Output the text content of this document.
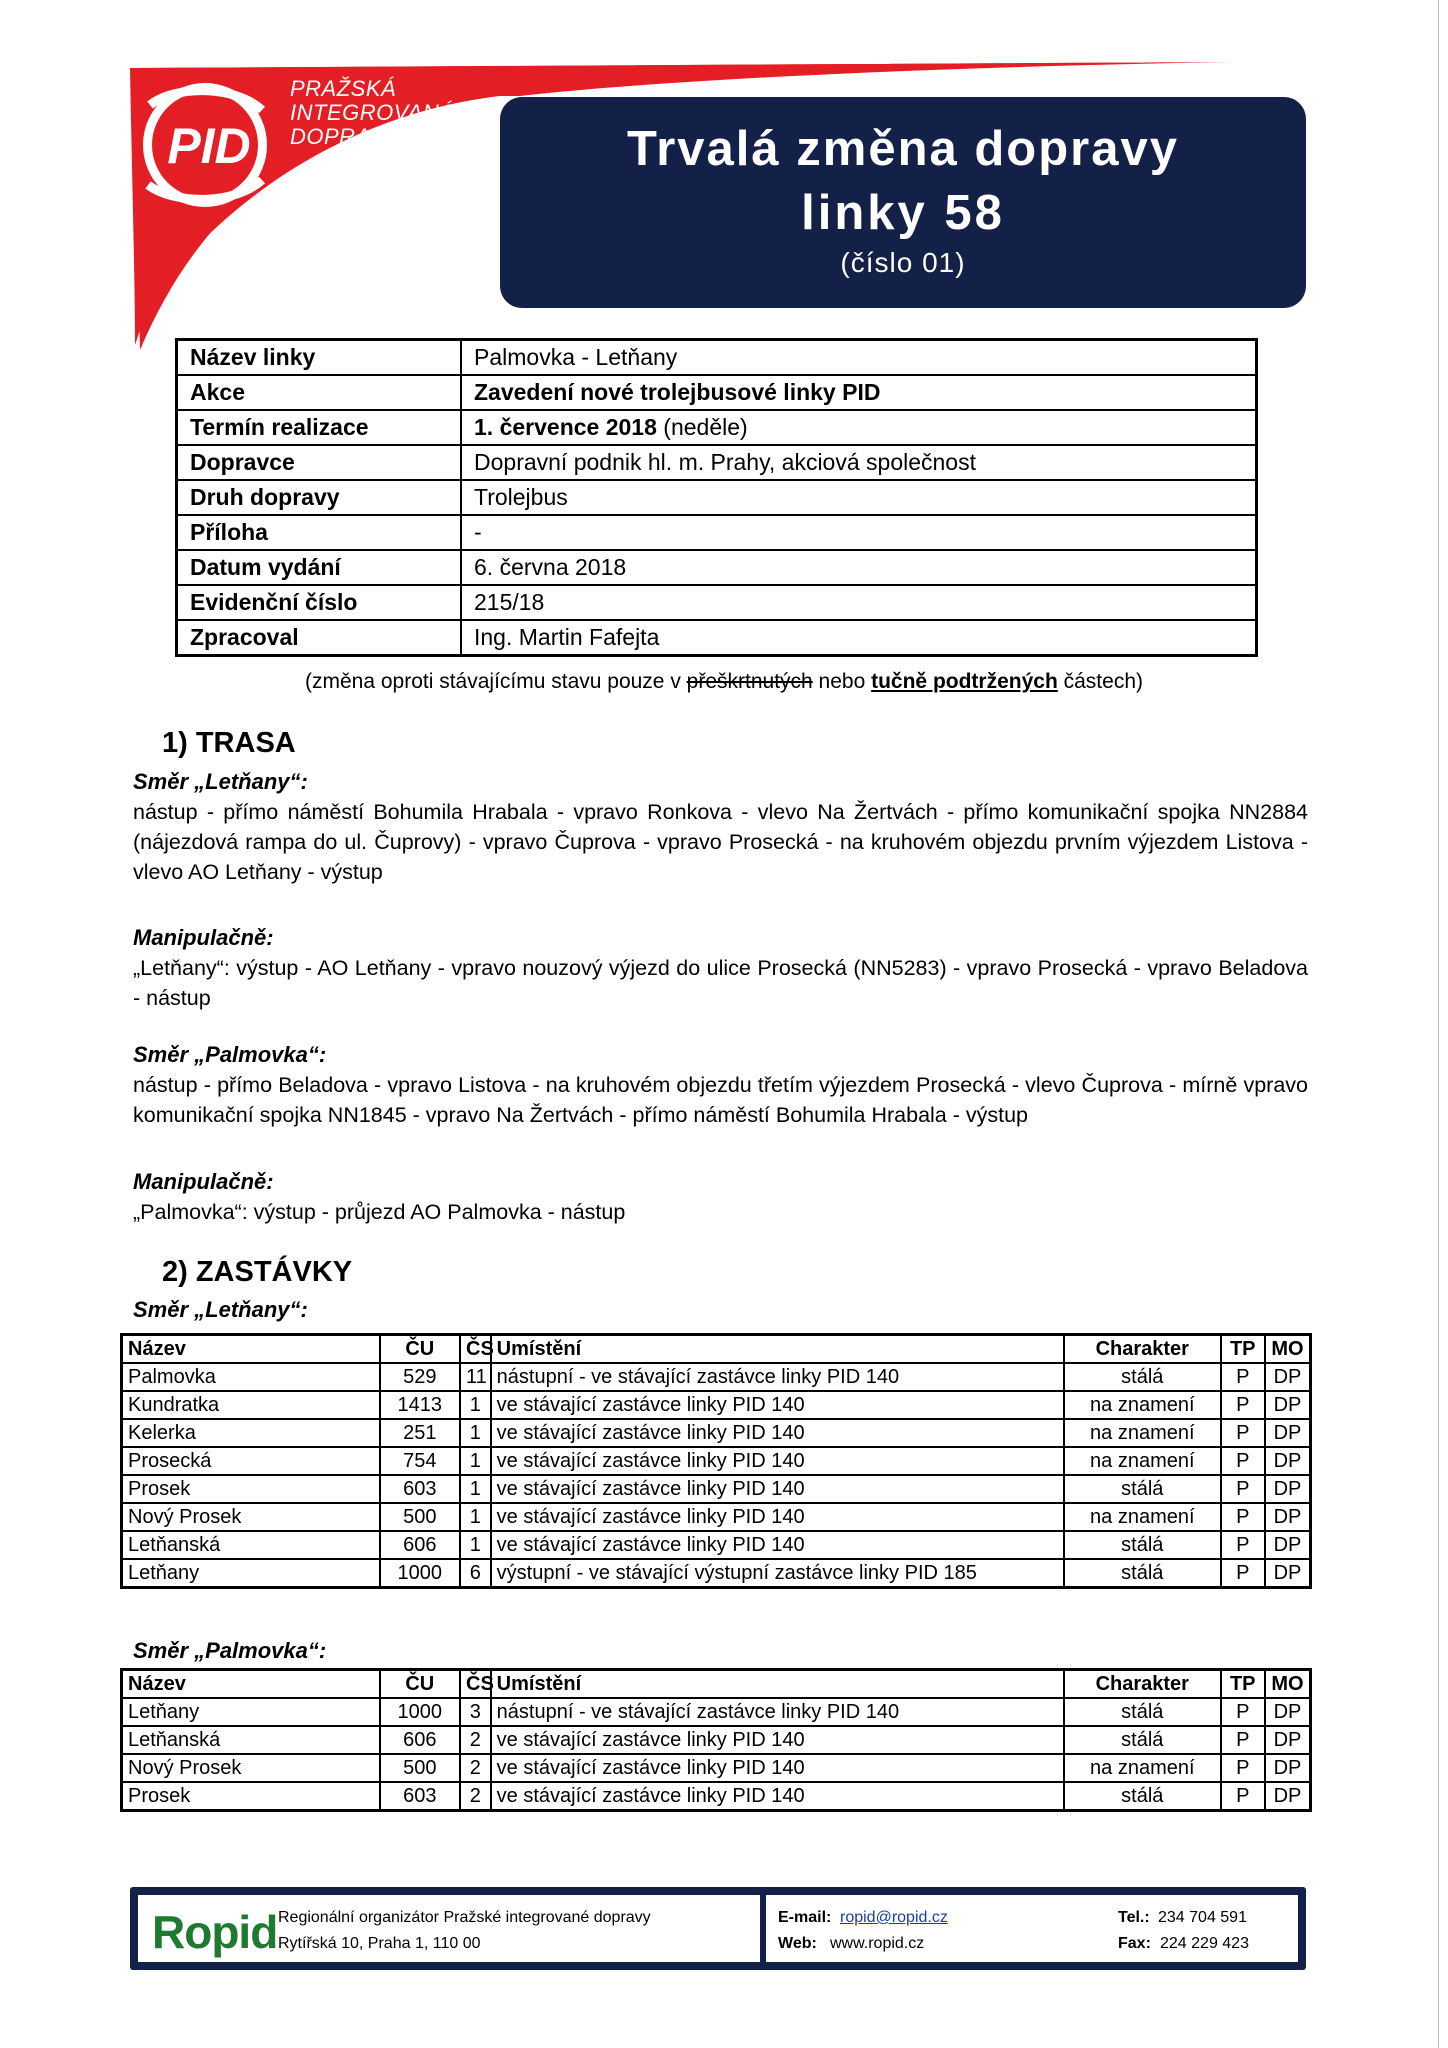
PID
PRAŽSKÁ
INTEGROVANÁ
DOPRAVA	Trvalá změna dopravy
linky 58
(číslo 01)
Název linky	Palmovka - Letňany
Akce	Zavedení nové trolejbusové linky PID
Termín realizace	1. července 2018 (neděle)
Dopravce	Dopravní podnik hl. m. Prahy, akciová společnost
Druh dopravy	Trolejbus
Příloha	-
Datum vydání	6. června 2018
Evidenční číslo	215/18
Zpracoval	Ing. Martin Fafejta
(změna oproti stávajícímu stavu pouze v přeškrtnutých nebo tučně podtržených částech)
1) TRASA
Směr „Letňany“:
nástup - přímo náměstí Bohumila Hrabala - vpravo Ronkova - vlevo Na Žertvách - přímo komunikační spojka NN2884 (nájezdová rampa do ul. Čuprovy) - vpravo Čuprova - vpravo Prosecká - na kruhovém objezdu prvním výjezdem Listova - vlevo AO Letňany - výstup
Manipulačně:
„Letňany“: výstup - AO Letňany - vpravo nouzový výjezd do ulice Prosecká (NN5283) - vpravo Prosecká - vpravo Beladova - nástup
Směr „Palmovka“:
nástup - přímo Beladova - vpravo Listova - na kruhovém objezdu třetím výjezdem Prosecká - vlevo Čuprova - mírně vpravo komunikační spojka NN1845 - vpravo Na Žertvách - přímo náměstí Bohumila Hrabala - výstup
Manipulačně:
„Palmovka“: výstup - průjezd AO Palmovka - nástup
2) ZASTÁVKY
Směr „Letňany“:
Název	ČU	ČS	Umístění	Charakter	TP	MO
Palmovka	529	11	nástupní - ve stávající zastávce linky PID 140	stálá	P	DP
Kundratka	1413	1	ve stávající zastávce linky PID 140	na znamení	P	DP
Kelerka	251	1	ve stávající zastávce linky PID 140	na znamení	P	DP
Prosecká	754	1	ve stávající zastávce linky PID 140	na znamení	P	DP
Prosek	603	1	ve stávající zastávce linky PID 140	stálá	P	DP
Nový Prosek	500	1	ve stávající zastávce linky PID 140	na znamení	P	DP
Letňanská	606	1	ve stávající zastávce linky PID 140	stálá	P	DP
Letňany	1000	6	výstupní - ve stávající výstupní zastávce linky PID 185	stálá	P	DP
Směr „Palmovka“:
Název	ČU	ČS	Umístění	Charakter	TP	MO
Letňany	1000	3	nástupní - ve stávající zastávce linky PID 140	stálá	P	DP
Letňanská	606	2	ve stávající zastávce linky PID 140	stálá	P	DP
Nový Prosek	500	2	ve stávající zastávce linky PID 140	na znamení	P	DP
Prosek	603	2	ve stávající zastávce linky PID 140	stálá	P	DP
Ropid Regionální organizátor Pražské integrované dopravy
Rytířská 10, Praha 1, 110 00
E-mail: ropid@ropid.cz
Web: www.ropid.cz
Tel.: 234 704 591
Fax: 224 229 423
